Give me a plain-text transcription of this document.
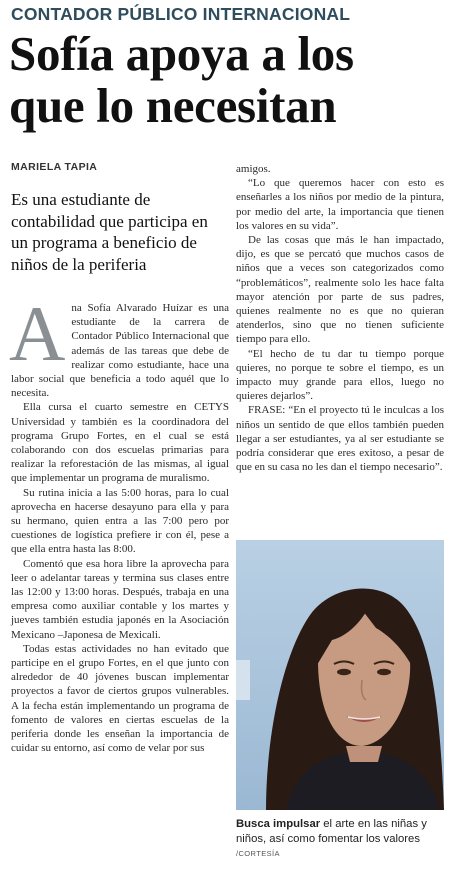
CONTADOR PÚBLICO INTERNACIONAL
Sofía apoya a los
que lo necesitan
MARIELA TAPIA
Es una estudiante de contabilidad que participa en un programa a beneficio de niños de la periferia

Ana Sofía Alvarado Huízar es una estudiante de la carrera de Contador Público Internacional que además de las tareas que debe de realizar como estudiante, hace una labor social que beneficia a todo aquél que lo necesita.

Ella cursa el cuarto semestre en CETYS Universidad y también es la coordinadora del programa Grupo Fortes, en el cual se está colaborando con dos escuelas primarias para realizar la reforestación de las mismas, al igual que implementar un programa de muralismo.

Su rutina inicia a las 5:00 horas, para lo cual aprovecha en hacerse desayuno para ella y para su hermano, quien entra a las 7:00 pero por cuestiones de logística prefiere ir con él, pese a que ella entra hasta las 8:00.

Comentó que esa hora libre la aprovecha para leer o adelantar tareas y termina sus clases entre las 12:00 y 13:00 horas. Después, trabaja en una empresa como auxiliar contable y los martes y jueves también estudia japonés en la Asociación Mexicano –Japonesa de Mexicali.

Todas estas actividades no han evitado que participe en el grupo Fortes, en el que junto con alrededor de 40 jóvenes buscan implementar proyectos a favor de ciertos grupos vulnerables. A la fecha están implementando un programa de fomento de valores en ciertas escuelas de la periferia donde les enseñan la importancia de cuidar su entorno, así como de velar por sus

amigos.

“Lo que queremos hacer con esto es enseñarles a los niños por medio de la pintura, por medio del arte, la importancia que tienen los valores en su vida”.

De las cosas que más le han impactado, dijo, es que se percató que muchos casos de niños que a veces son categorizados como “problemáticos”, realmente solo les hace falta mayor atención por parte de sus padres, quienes realmente no es que no quieran atenderlos, sino que no tienen suficiente tiempo para ello.

“El hecho de tu dar tu tiempo porque quieres, no porque te sobre el tiempo, es un impacto muy grande para ellos, luego no quieres dejarlos”.

FRASE: “En el proyecto tú le inculcas a los niños un sentido de que ellos también pueden llegar a ser estudiantes, ya al ser estudiante se podría considerar que eres exitoso, a pesar de que en su casa no les dan el tiempo necesario”.

Busca impulsar el arte en las niñas y niños, así como fomentar los valores /CORTESÍA
